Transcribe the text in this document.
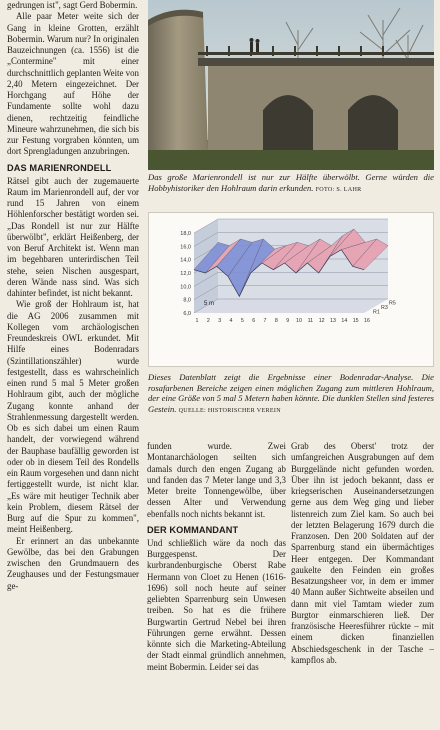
gedrungen ist", sagt Gerd Bobermin.

Alle paar Meter weite sich der Gang in kleine Grotten, erzählt Bobermin. Warum nur? In originalen Bauzeichnungen (ca. 1556) ist die „Contermine" mit einer durchschnittlich geplanten Weite von 2,40 Metern eingezeichnet. Der Horchgang auf Höhe der Fundamente sollte wohl dazu dienen, rechtzeitig feindliche Mineure wahrzunehmen, die sich bis zur Festung vorgraben könnten, um dort Sprengladungen anzubringen.

DAS MARIENRONDELL

Rätsel gibt auch der zugemauerte Raum im Marienrondell auf, der vor rund 15 Jahren von einem Höhlenforscher bestätigt worden sei. „Das Rondell ist nur zur Hälfte überwölbt", erklärt Heißenberg, der von Beruf Architekt ist. Wenn man im begehbaren unterirdischen Teil stehe, seien Nischen ausgespart, deren Wände nass sind. Was sich dahinter befindet, ist nicht bekannt.

Wie groß der Hohlraum ist, hat die AG 2006 zusammen mit Kollegen vom archäologischen Freundeskreis OWL erkundet. Mit Hilfe eines Bodenradars (Szintillationszähler) wurde festgestellt, dass es wahrscheinlich einen rund 5 mal 5 Meter großen Hohlraum gibt, auch der mögliche Zugang konnte anhand der Strahlenmessung dargestellt werden. Ob es sich dabei um einen Raum handelt, der vorwiegend während der Bauphase baufällig geworden ist oder ob in diesem Teil des Rondells ein Raum vorgesehen und dann nicht fertiggestellt wurde, ist nicht klar. „Es wäre mit heutiger Technik aber kein Problem, diesem Rätsel der Burg auf die Spur zu kommen", meint Heißenberg.

Er erinnert an das unbekannte Gewölbe, das bei den Grabungen zwischen den Grundmauern des Zeughauses und der Festungsmauer ge-

Das große Marienrondell ist nur zur Hälfte überwölbt. Gerne würden die Hobbyhistoriker den Hohlraum darin erkunden. FOTO: S. LAHR
18,0
16,0
14,0
12,0
10,0
8,0
6,0
5 m
1 2 3 4 5 6 7 8 9 10 11 12 13 14 15 16
R5
R3
R1
Dieses Datenblatt zeigt die Ergebnisse einer Bodenradar-Analyse. Die rosafarbenen Bereiche zeigen einen möglichen Zugang zum mittleren Hohlraum, der eine Größe von 5 mal 5 Metern haben könnte. Die dunklen Stellen sind festeres Gestein. QUELLE: HISTORISCHER VEREIN

funden wurde. Zwei Montanarchäologen seilten sich damals durch den engen Zugang ab und fanden das 7 Meter lange und 3,3 Meter breite Tonnengewölbe, über dessen Alter und Verwendung ebenfalls noch nichts bekannt ist.

DER KOMMANDANT

Und schließlich wäre da noch das Burggespenst. Der kurbrandenburgische Oberst Rabe Hermann von Cloet zu Henen (1616-1696) soll noch heute auf seiner geliebten Sparrenburg sein Unwesen treiben. So hat es die frühere Burgwartin Gertrud Nebel bei ihren Führungen gerne erwähnt. Dessen könnte sich die Marketing-Abteilung der Stadt einmal gründlich annehmen, meint Bobermin. Leider sei das

Grab des Oberst' trotz der umfangreichen Ausgrabungen auf dem Burggelände nicht gefunden worden. Über ihn ist jedoch bekannt, dass er kriegserischen Auseinandersetzungen gerne aus dem Weg ging und lieber listenreich zum Ziel kam. So auch bei der letzten Belagerung 1679 durch die Franzosen. Den 200 Soldaten auf der Sparrenburg stand ein übermächtiges Heer entgegen. Der Kommandant gaukelte den Feinden ein großes Besatzungsheer vor, in dem er immer 40 Mann außer Sichtweite abseilen und dann mit viel Tamtam wieder zum Burgtor einmarschieren ließ. Der französische Heeresführer rückte – mit einem dicken finanziellen Abschiedsgeschenk in der Tasche – kampflos ab.
